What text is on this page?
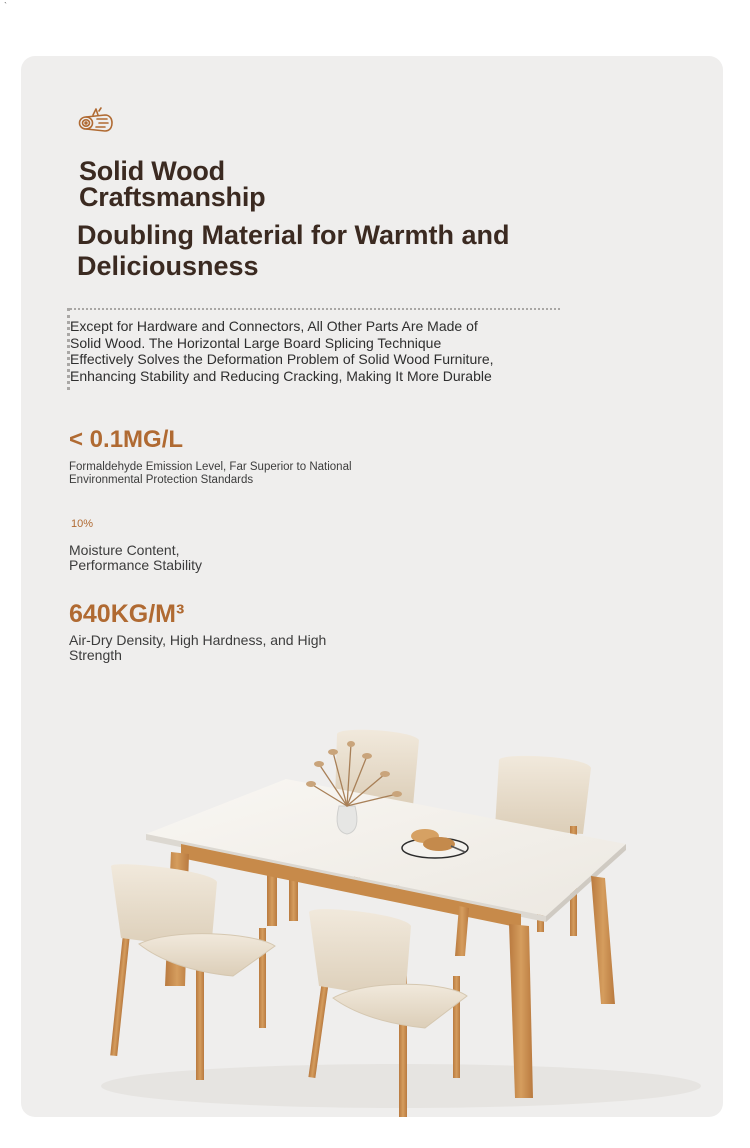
`
Solid Wood
Craftsmanship
Doubling Material for Warmth and
Deliciousness

Except for Hardware and Connectors, All Other Parts Are Made of
Solid Wood. The Horizontal Large Board Splicing Technique
Effectively Solves the Deformation Problem of Solid Wood Furniture,
Enhancing Stability and Reducing Cracking, Making It More Durable

< 0.1MG/L
Formaldehyde Emission Level, Far Superior to National
Environmental Protection Standards
10%
Moisture Content,
Performance Stability
640KG/M³
Air-Dry Density, High Hardness, and High
Strength
